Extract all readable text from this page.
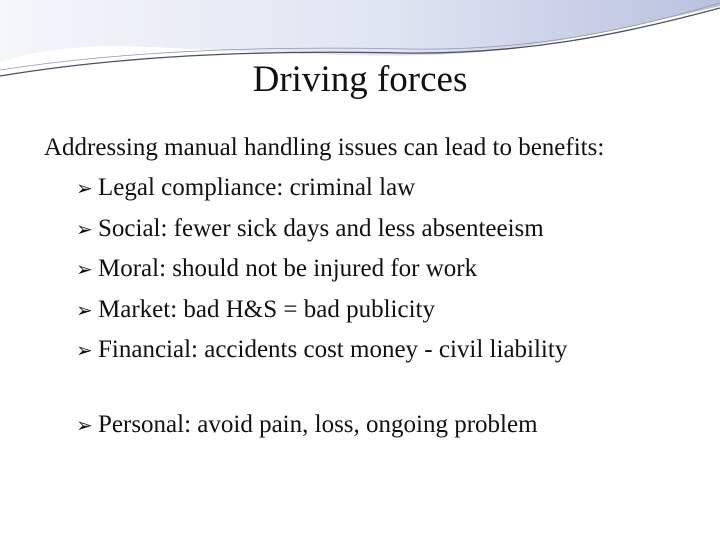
Driving forces
Addressing manual handling issues can lead to benefits:
➢ Legal compliance: criminal law
➢ Social: fewer sick days and less absenteeism
➢ Moral: should not be injured for work
➢ Market: bad H&S = bad publicity
➢ Financial: accidents cost money - civil liability
➢ Personal: avoid pain, loss, ongoing problem
